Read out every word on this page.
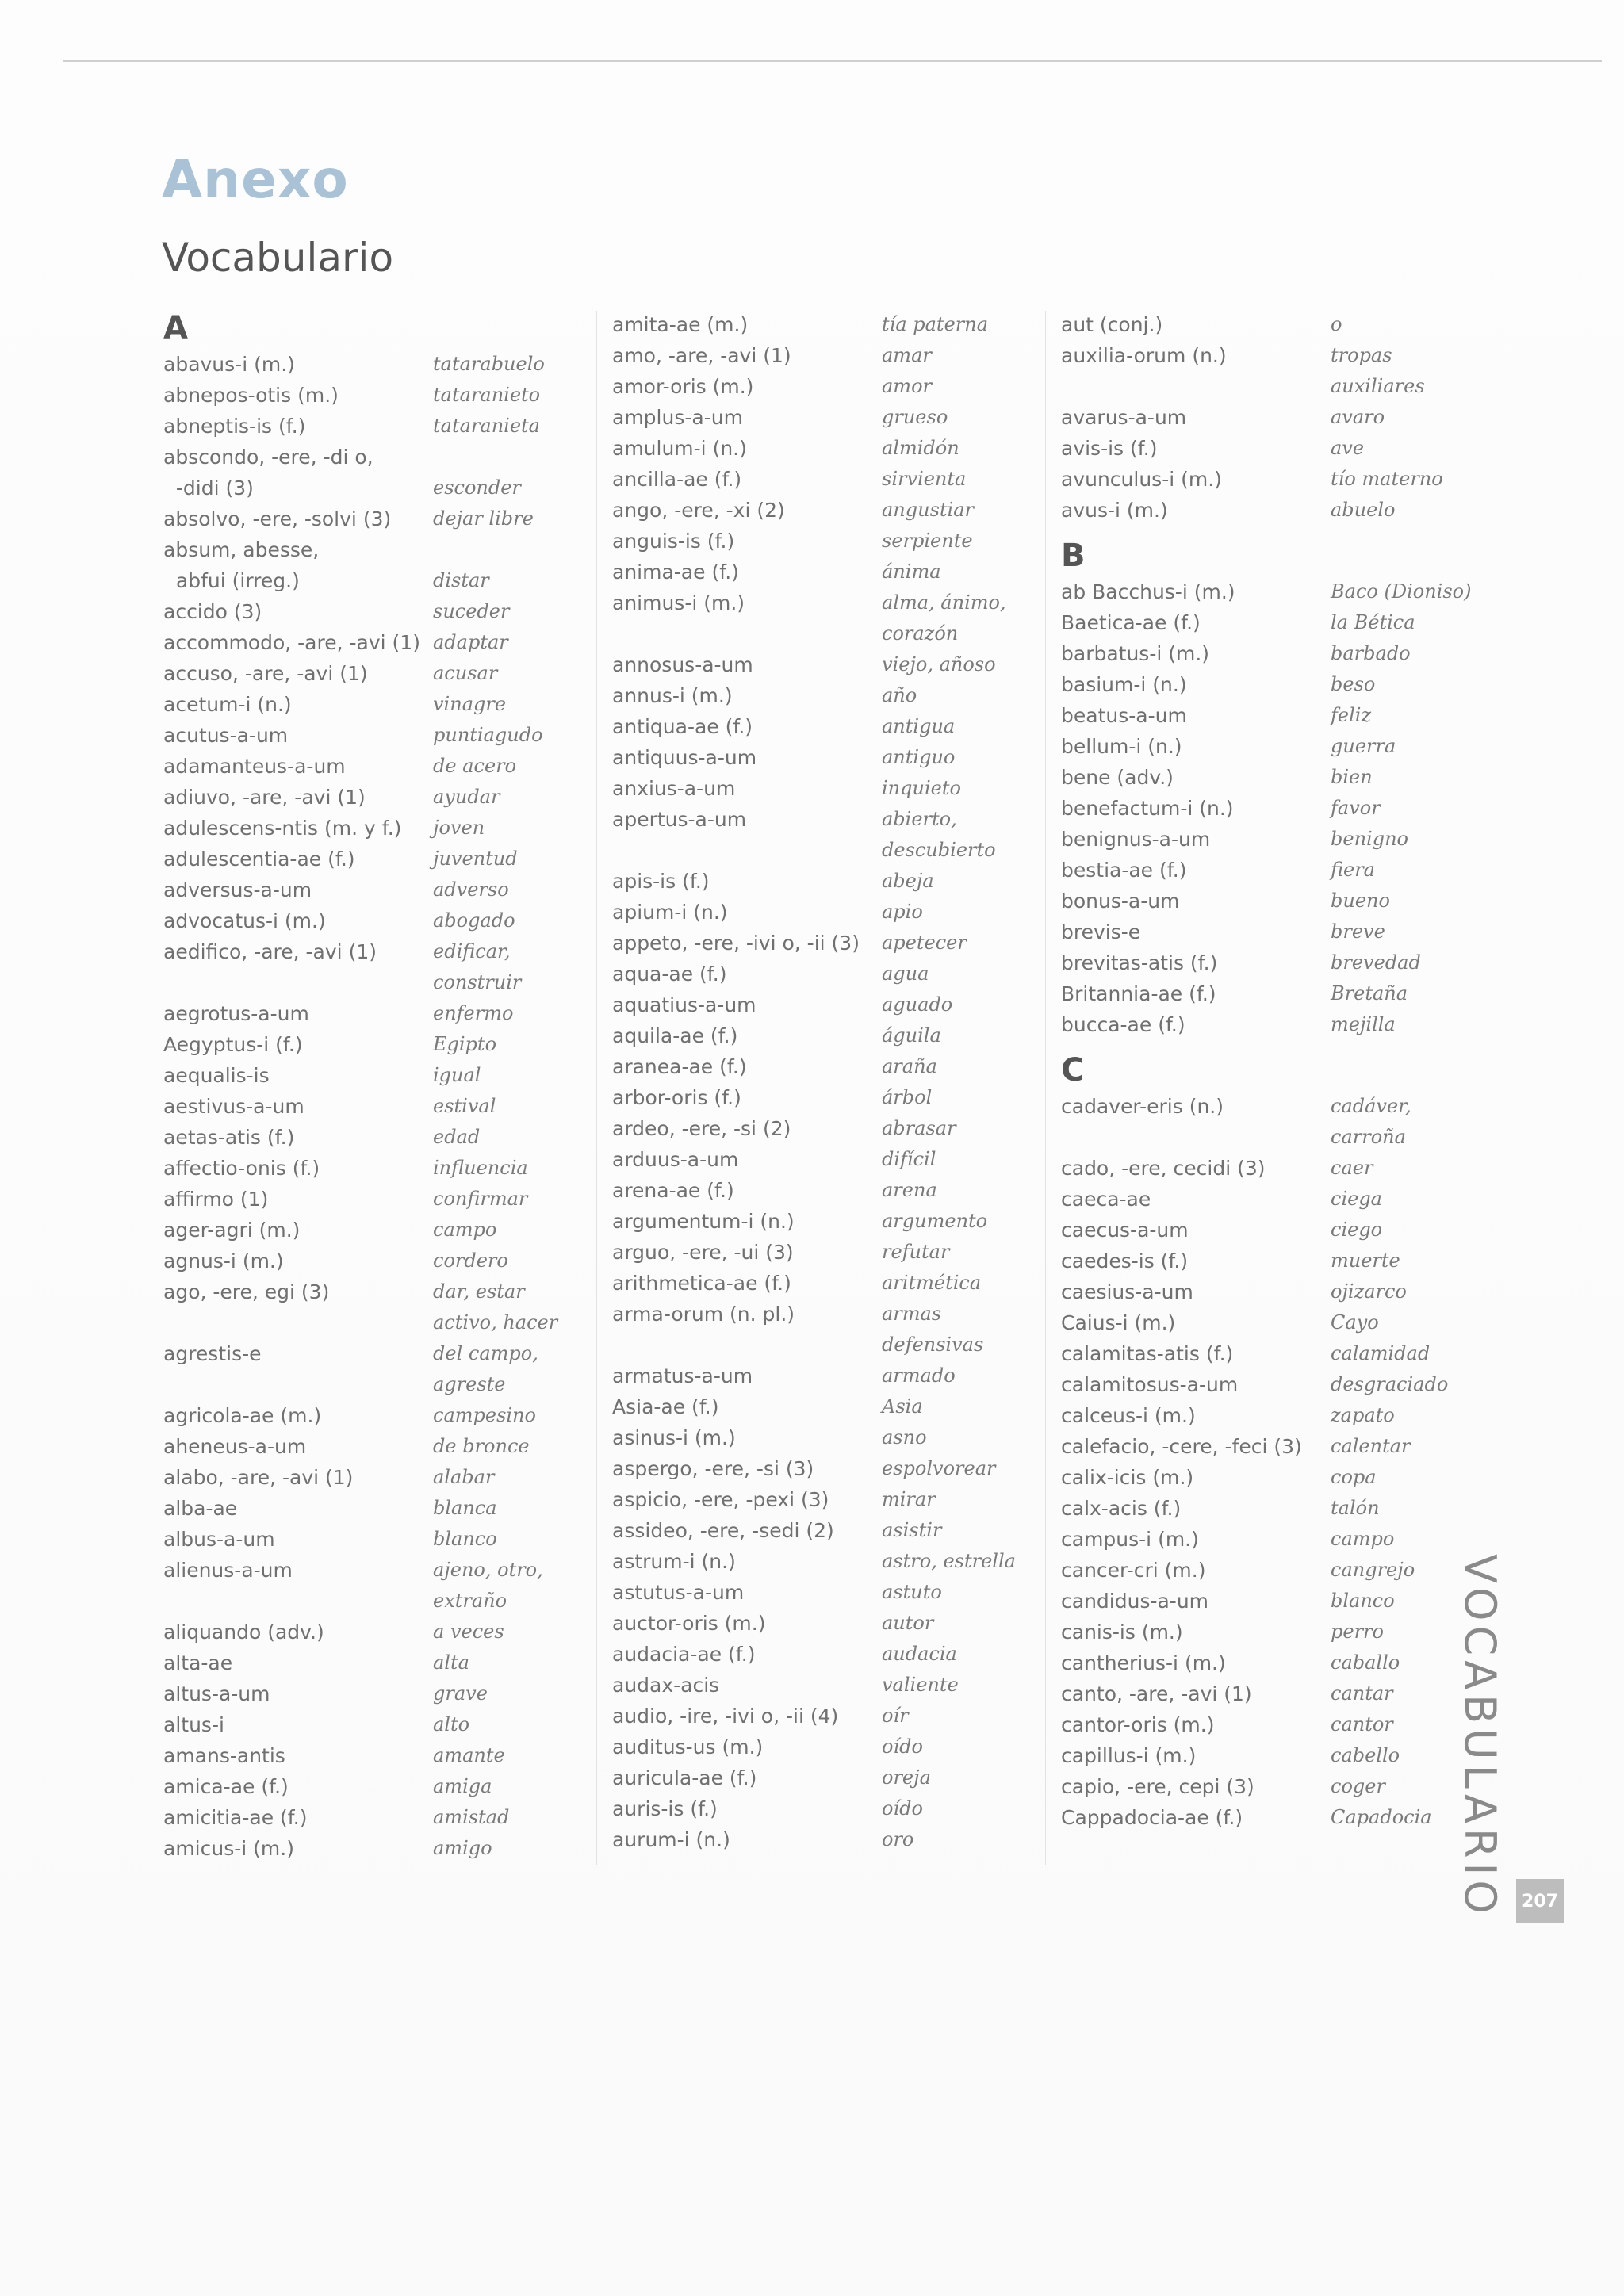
Anexo
Vocabulario
A
abavus-i (m.)	tatarabuelo
abnepos-otis (m.)	tataranieto
abneptis-is (f.)	tataranieta
abscondo, -ere, -di o,
-didi (3)	esconder
absolvo, -ere, -solvi (3)	dejar libre
absum, abesse,
abfui (irreg.)	distar
accido (3)	suceder
accommodo, -are, -avi (1) adaptar
accuso, -are, -avi (1)	acusar
acetum-i (n.)	vinagre
acutus-a-um	puntiagudo
adamanteus-a-um	de acero
adiuvo, -are, -avi (1)	ayudar
adulescens-ntis (m. y f.)	joven
adulescentia-ae (f.)	juventud
adversus-a-um	adverso
advocatus-i (m.)	abogado
aedifico, -are, -avi (1)	edificar,
construir
aegrotus-a-um	enfermo
Aegyptus-i (f.)	Egipto
aequalis-is	igual
aestivus-a-um	estival
aetas-atis (f.)	edad
affectio-onis (f.)	influencia
affirmo (1)	confirmar
ager-agri (m.)	campo
agnus-i (m.)	cordero
ago, -ere, egi (3)	dar, estar
activo, hacer
agrestis-e	del campo,
agreste
agricola-ae (m.)	campesino
aheneus-a-um	de bronce
alabo, -are, -avi (1)	alabar
alba-ae	blanca
albus-a-um	blanco
alienus-a-um	ajeno, otro,
extraño
aliquando (adv.)	a veces
alta-ae	alta
altus-a-um	grave
altus-i	alto
amans-antis	amante
amica-ae (f.)	amiga
amicitia-ae (f.)	amistad
amicus-i (m.)	amigo
amita-ae (m.)	tía paterna
amo, -are, -avi (1)	amar
amor-oris (m.)	amor
amplus-a-um	grueso
amulum-i (n.)	almidón
ancilla-ae (f.)	sirvienta
ango, -ere, -xi (2)	angustiar
anguis-is (f.)	serpiente
anima-ae (f.)	ánima
animus-i (m.)	alma, ánimo,
corazón
annosus-a-um	viejo, añoso
annus-i (m.)	año
antiqua-ae (f.)	antigua
antiquus-a-um	antiguo
anxius-a-um	inquieto
apertus-a-um	abierto,
descubierto
apis-is (f.)	abeja
apium-i (n.)	apio
appeto, -ere, -ivi o, -ii (3)	apetecer
aqua-ae (f.)	agua
aquatius-a-um	aguado
aquila-ae (f.)	águila
aranea-ae (f.)	araña
arbor-oris (f.)	árbol
ardeo, -ere, -si (2)	abrasar
arduus-a-um	difícil
arena-ae (f.)	arena
argumentum-i (n.)	argumento
arguo, -ere, -ui (3)	refutar
arithmetica-ae (f.)	aritmética
arma-orum (n. pl.)	armas
defensivas
armatus-a-um	armado
Asia-ae (f.)	Asia
asinus-i (m.)	asno
aspergo, -ere, -si (3)	espolvorear
aspicio, -ere, -pexi (3)	mirar
assideo, -ere, -sedi (2)	asistir
astrum-i (n.)	astro, estrella
astutus-a-um	astuto
auctor-oris (m.)	autor
audacia-ae (f.)	audacia
audax-acis	valiente
audio, -ire, -ivi o, -ii (4)	oír
auditus-us (m.)	oído
auricula-ae (f.)	oreja
auris-is (f.)	oído
aurum-i (n.)	oro
aut (conj.)	o
auxilia-orum (n.)	tropas
auxiliares
avarus-a-um	avaro
avis-is (f.)	ave
avunculus-i (m.)	tío materno
avus-i (m.)	abuelo
B
ab Bacchus-i (m.)	Baco (Dioniso)
Baetica-ae (f.)	la Bética
barbatus-i (m.)	barbado
basium-i (n.)	beso
beatus-a-um	feliz
bellum-i (n.)	guerra
bene (adv.)	bien
benefactum-i (n.)	favor
benignus-a-um	benigno
bestia-ae (f.)	fiera
bonus-a-um	bueno
brevis-e	breve
brevitas-atis (f.)	brevedad
Britannia-ae (f.)	Bretaña
bucca-ae (f.)	mejilla
C
cadaver-eris (n.)	cadáver,
carroña
cado, -ere, cecidi (3)	caer
caeca-ae	ciega
caecus-a-um	ciego
caedes-is (f.)	muerte
caesius-a-um	ojizarco
Caius-i (m.)	Cayo
calamitas-atis (f.)	calamidad
calamitosus-a-um	desgraciado
calceus-i (m.)	zapato
calefacio, -cere, -feci (3)	calentar
calix-icis (m.)	copa
calx-acis (f.)	talón
campus-i (m.)	campo
cancer-cri (m.)	cangrejo
candidus-a-um	blanco
canis-is (m.)	perro
cantherius-i (m.)	caballo
canto, -are, -avi (1)	cantar
cantor-oris (m.)	cantor
capillus-i (m.)	cabello
capio, -ere, cepi (3)	coger
Cappadocia-ae (f.)	Capadocia VOCABULARIO 207
